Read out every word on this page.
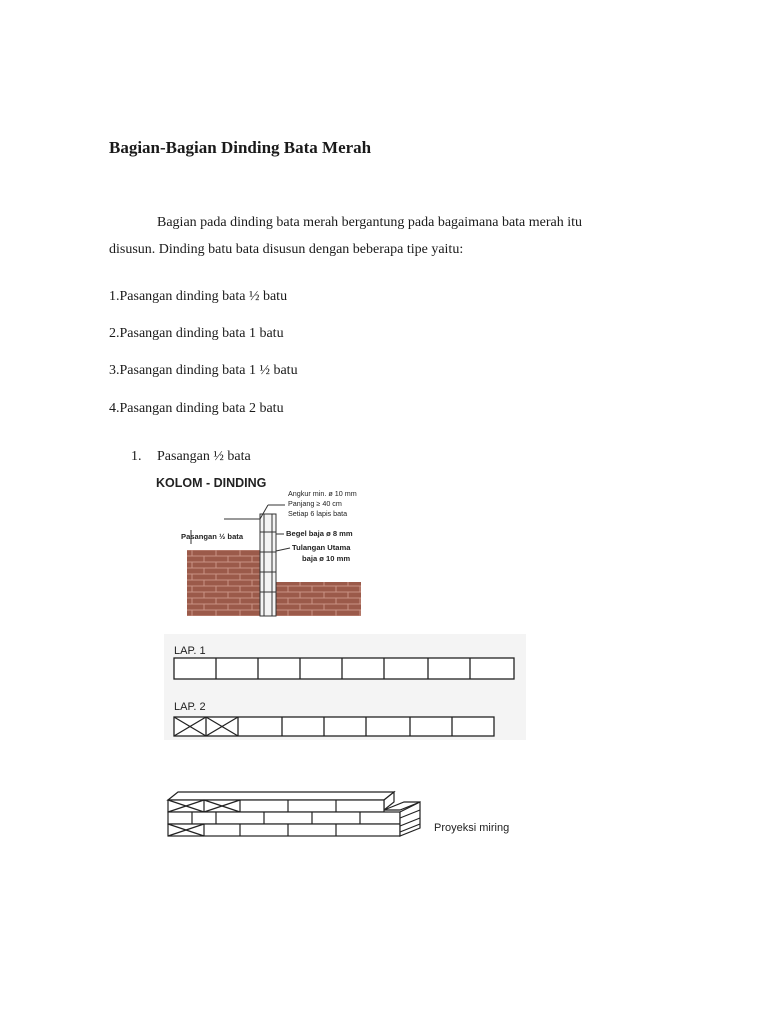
Bagian-Bagian Dinding Bata Merah
Bagian pada dinding bata merah bergantung pada bagaimana bata merah itu
disusun. Dinding batu bata disusun dengan beberapa tipe yaitu:
1.Pasangan dinding bata ½ batu
2.Pasangan dinding bata 1 batu
3.Pasangan dinding bata 1 ½ batu
4.Pasangan dinding bata 2 batu
1. Pasangan ½ bata
KOLOM - DINDING
Angkur min. ø 10 mm
Panjang ≥ 40 cm
Setiap 6 lapis bata
Begel baja ø 8 mm
Tulangan Utama
baja ø 10 mm
Pasangan ½ bata
LAP. 1
LAP. 2
Proyeksi miring
